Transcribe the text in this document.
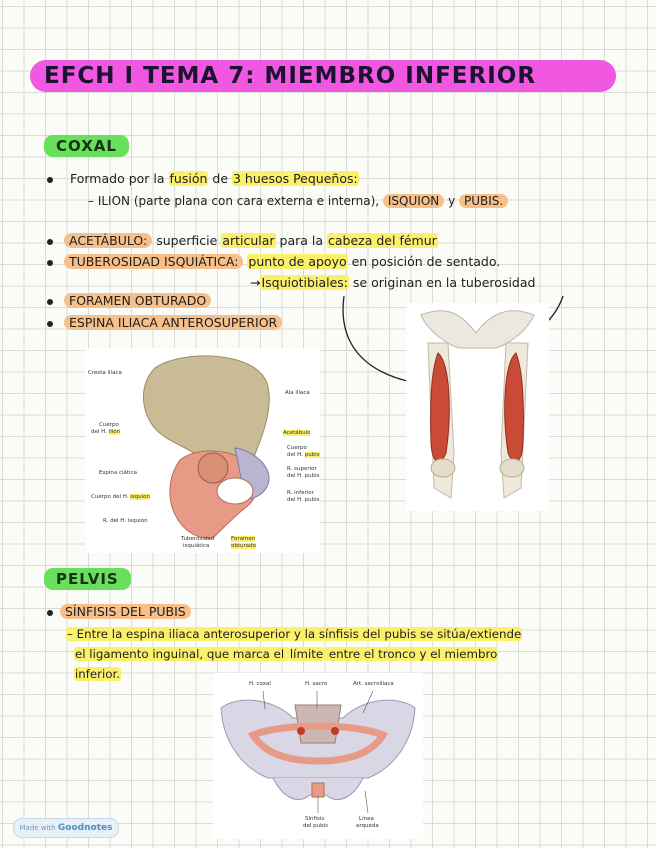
EFCH I TEMA 7: MIEMBRO INFERIOR
COXAL
Formado por la fusión de 3 huesos Pequeños:
– ILION (parte plana con cara externa e interna), ISQUION y PUBIS.
ACETÁBULO: superficie articular para la cabeza del fémur
TUBEROSIDAD ISQUIÁTICA: punto de apoyo en posición de sentado.
→Isquiotibiales: se originan en la tuberosidad
FORAMEN OBTURADO
ESPINA ILIACA ANTEROSUPERIOR
Cresta ilíaca
Ala ilíaca
Cuerpo
del H. ilion	Acetábulo
Cuerpo
del H. pubis
Espina ciática
R. superior
del H. pubis
Cuerpo del H. isquion
R. inferior
del H. pubis
R. del H. isquion
Tuberosidad
isquiática
Foramen
obturado
PELVIS
SÍNFISIS DEL PUBIS
– Entre la espina iliaca anterosuperior y la sínfisis del pubis se sitúa/extiende
el ligamento inguinal, que marca el límite entre el tronco y el miembro
inferior.
H. coxal	H. sacro	Art. sacroilíaca
Sínfisis
del pubis
Línea
arqueda
Made with Goodnotes
